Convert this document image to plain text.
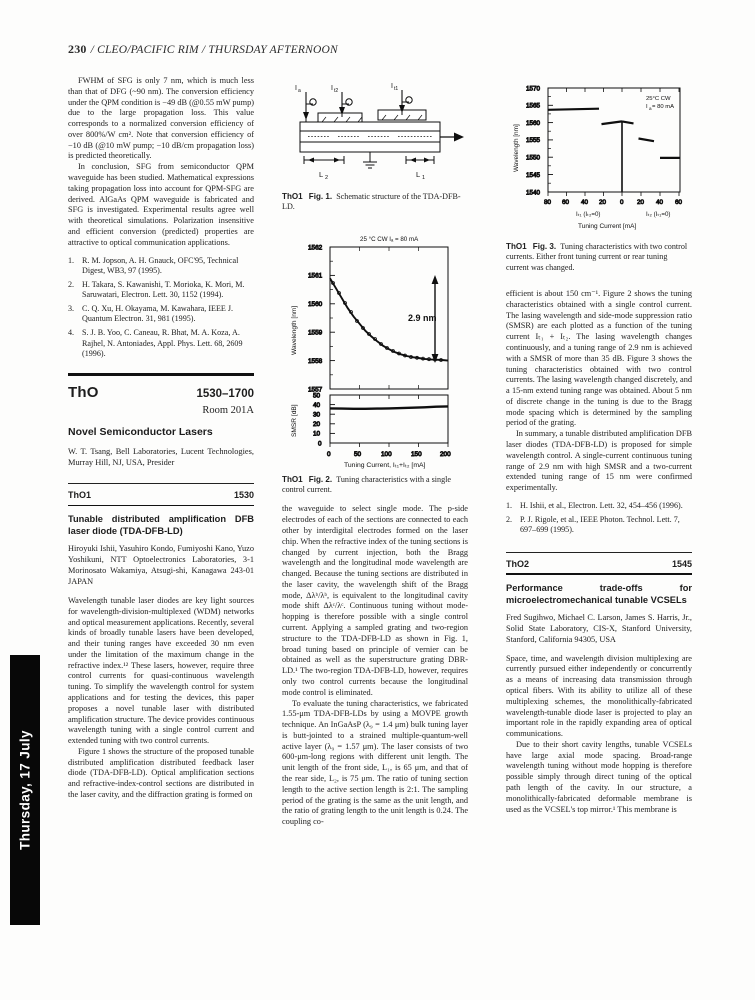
230 / CLEO/PACIFIC RIM / THURSDAY AFTERNOON
Thursday, 17 July

FWHM of SFG is only 7 nm, which is much less than that of DFG (~90 nm). The conversion efficiency under the QPM condition is −49 dB (@0.55 mW pump) due to the large propagation loss. This value corresponds to a normalized conversion efficiency of over 800%/W cm². Note that conversion efficiency of −10 dB (@10 mW pump; −10 dB/cm propagation loss) is predicted theoretically.

In conclusion, SFG from semiconductor QPM waveguide has been studied. Mathematical expressions taking propagation loss into account for QPM-SFG are derived. AlGaAs QPM waveguide is fabricated and SFG is investigated. Experimental results agree well with theoretical simulations. Polarization insensitive and efficient conversion (predicted) properties are attractive to optical communication applications.

1. R. M. Jopson, A. H. Gnauck, OFC'95, Technical Digest, WB3, 97 (1995).
2. H. Takara, S. Kawanishi, T. Morioka, K. Mori, M. Saruwatari, Electron. Lett. 30, 1152 (1994).
3. C. Q. Xu, H. Okayama, M. Kawahara, IEEE J. Quantum Electron. 31, 981 (1995).
4. S. J. B. Yoo, C. Caneau, R. Bhat, M. A. Koza, A. Rajhel, N. Antoniades, Appl. Phys. Lett. 68, 2609 (1996).
ThO	1530–1700
Room 201A
Novel Semiconductor Lasers
W. T. Tsang, Bell Laboratories, Lucent Technologies, Murray Hill, NJ, USA, Presider
ThO1	1530
Tunable distributed amplification DFB laser diode (TDA-DFB-LD)
Hiroyuki Ishii, Yasuhiro Kondo, Fumiyoshi Kano, Yuzo Yoshikuni, NTT Optoelectronics Laboratories, 3-1 Morinosato Wakamiya, Atsugi-shi, Kanagawa 243-01 JAPAN

Wavelength tunable laser diodes are key light sources for wavelength-division-multiplexed (WDM) networks and optical measurement applications. Recently, several kinds of broadly tunable lasers have been developed, and their tuning ranges have exceeded 30 nm even under the limitation of the maximum change in the refractive index.¹² These lasers, however, require three control currents for quasi-continuous wavelength tuning. To simplify the wavelength control for system applications and for testing the devices, this paper proposes a novel tunable laser with distributed amplification structure. The device provides continuous wavelength tuning with a single control current and extended tuning with two control currents.

Figure 1 shows the structure of the proposed tunable distributed amplification distributed feedback laser diode (TDA-DFB-LD). Optical amplification sections and refractive-index-control sections are distributed in the laser cavity, and the diffraction grating is formed on

I a	I t2
I t1
L 2	L 1
ThO1 Fig. 1. Schematic structure of the TDA-DFB-LD.
1562
1561
1560
1559
1558
1557
2.9 nm
25 °C CW Iₐ = 80 mA
Wavelength [nm]
50
40
30
20
10
0
0	50	100	150	200
SMSR [dB]
Tuning Current, Iₜ₁+Iₜ₂ [mA]
ThO1 Fig. 2. Tuning characteristics with a single control current.

the waveguide to select single mode. The p-side electrodes of each of the sections are connected to each other by interdigital electrodes formed on the laser chip. When the refractive index of the tuning sections is changed by current injection, both the Bragg wavelength and the longitudinal mode wavelength are changed. Because the tuning sections are distributed in the laser cavity, the wavelength shift of the Bragg mode, Δλᵇ/λᵇ, is equivalent to the longitudinal cavity mode shift Δλᶜ/λᶜ. Continuous tuning without mode-hopping is therefore possible with a single control current. Applying a sampled grating and two-region structure to the TDA-DFB-LD as shown in Fig. 1, broad tuning based on principle of vernier can be obtained as well as the superstructure grating DBR-LD.¹ The two-region TDA-DFB-LD, however, requires only two control currents because the longitudinal mode control is eliminated.

To evaluate the tuning characteristics, we fabricated 1.55-μm TDA-DFB-LDs by using a MOVPE growth technique. An InGaAsP (λ₉ = 1.4 μm) bulk tuning layer is butt-jointed to a strained multiple-quantum-well active layer (λ₉ = 1.57 μm). The laser consists of two 600-μm-long regions with different unit length. The unit length of the front side, L₁, is 65 μm, and that of the rear side, L₂, is 75 μm. The ratio of tuning section length to the active section length is 2:1. The sampling period of the grating is the same as the unit length, and the ratio of grating length to the unit length is 0.24. The coupling co-

1570
1565
1560
1555
1550
1545
1540
80 60 40 20 0 20 40 60
25°C CW
I a = 80 mA
Wavelength [nm]
Iₜ₁ (Iₜ₂=0)	Iₜ₂ (Iₜ₁=0)
Tuning Current [mA]
ThO1 Fig. 3. Tuning characteristics with two control currents. Either front tuning current or rear tuning current was changed.

efficient is about 150 cm⁻¹. Figure 2 shows the tuning characteristics obtained with a single control current. The lasing wavelength and side-mode suppression ratio (SMSR) are each plotted as a function of the tuning current Iₜ₁ + Iₜ₂. The lasing wavelength changes continuously, and a tuning range of 2.9 nm is achieved with a SMSR of more than 35 dB. Figure 3 shows the tuning characteristics obtained with two control currents. The lasing wavelength changed discretely, and a 15-nm extend tuning range was obtained. About 5 nm of discrete change in the tuning is due to the Bragg mode spacing which is determined by the sampling period of the grating.

In summary, a tunable distributed amplification DFB laser diodes (TDA-DFB-LD) is proposed for simple wavelength control. A single-current continuous tuning range of 2.9 nm with high SMSR and a two-current extended tuning range of 15 nm were confirmed experimentally.

1. H. Ishii, et al., Electron. Lett. 32, 454–456 (1996).
2. P. J. Rigole, et al., IEEE Photon. Technol. Lett. 7, 697–699 (1995).
ThO2	1545
Performance trade-offs for microelectromechanical tunable VCSELs
Fred Sugihwo, Michael C. Larson, James S. Harris, Jr., Solid State Laboratory, CIS-X, Stanford University, Stanford, California 94305, USA

Space, time, and wavelength division multiplexing are currently pursued either independently or concurrently as a means of increasing data transmission through optical fibers. With its ability to utilize all of these multiplexing schemes, the monolithically-fabricated wavelength-tunable diode laser is projected to play an important role in the rapidly expanding area of optical communications.

Due to their short cavity lengths, tunable VCSELs have large axial mode spacing. Broad-range wavelength tuning without mode hopping is therefore possible simply through direct tuning of the optical path length of the cavity. In our structure, a monolithically-fabricated deformable membrane is used as the VCSEL's top mirror.¹ This membrane is
